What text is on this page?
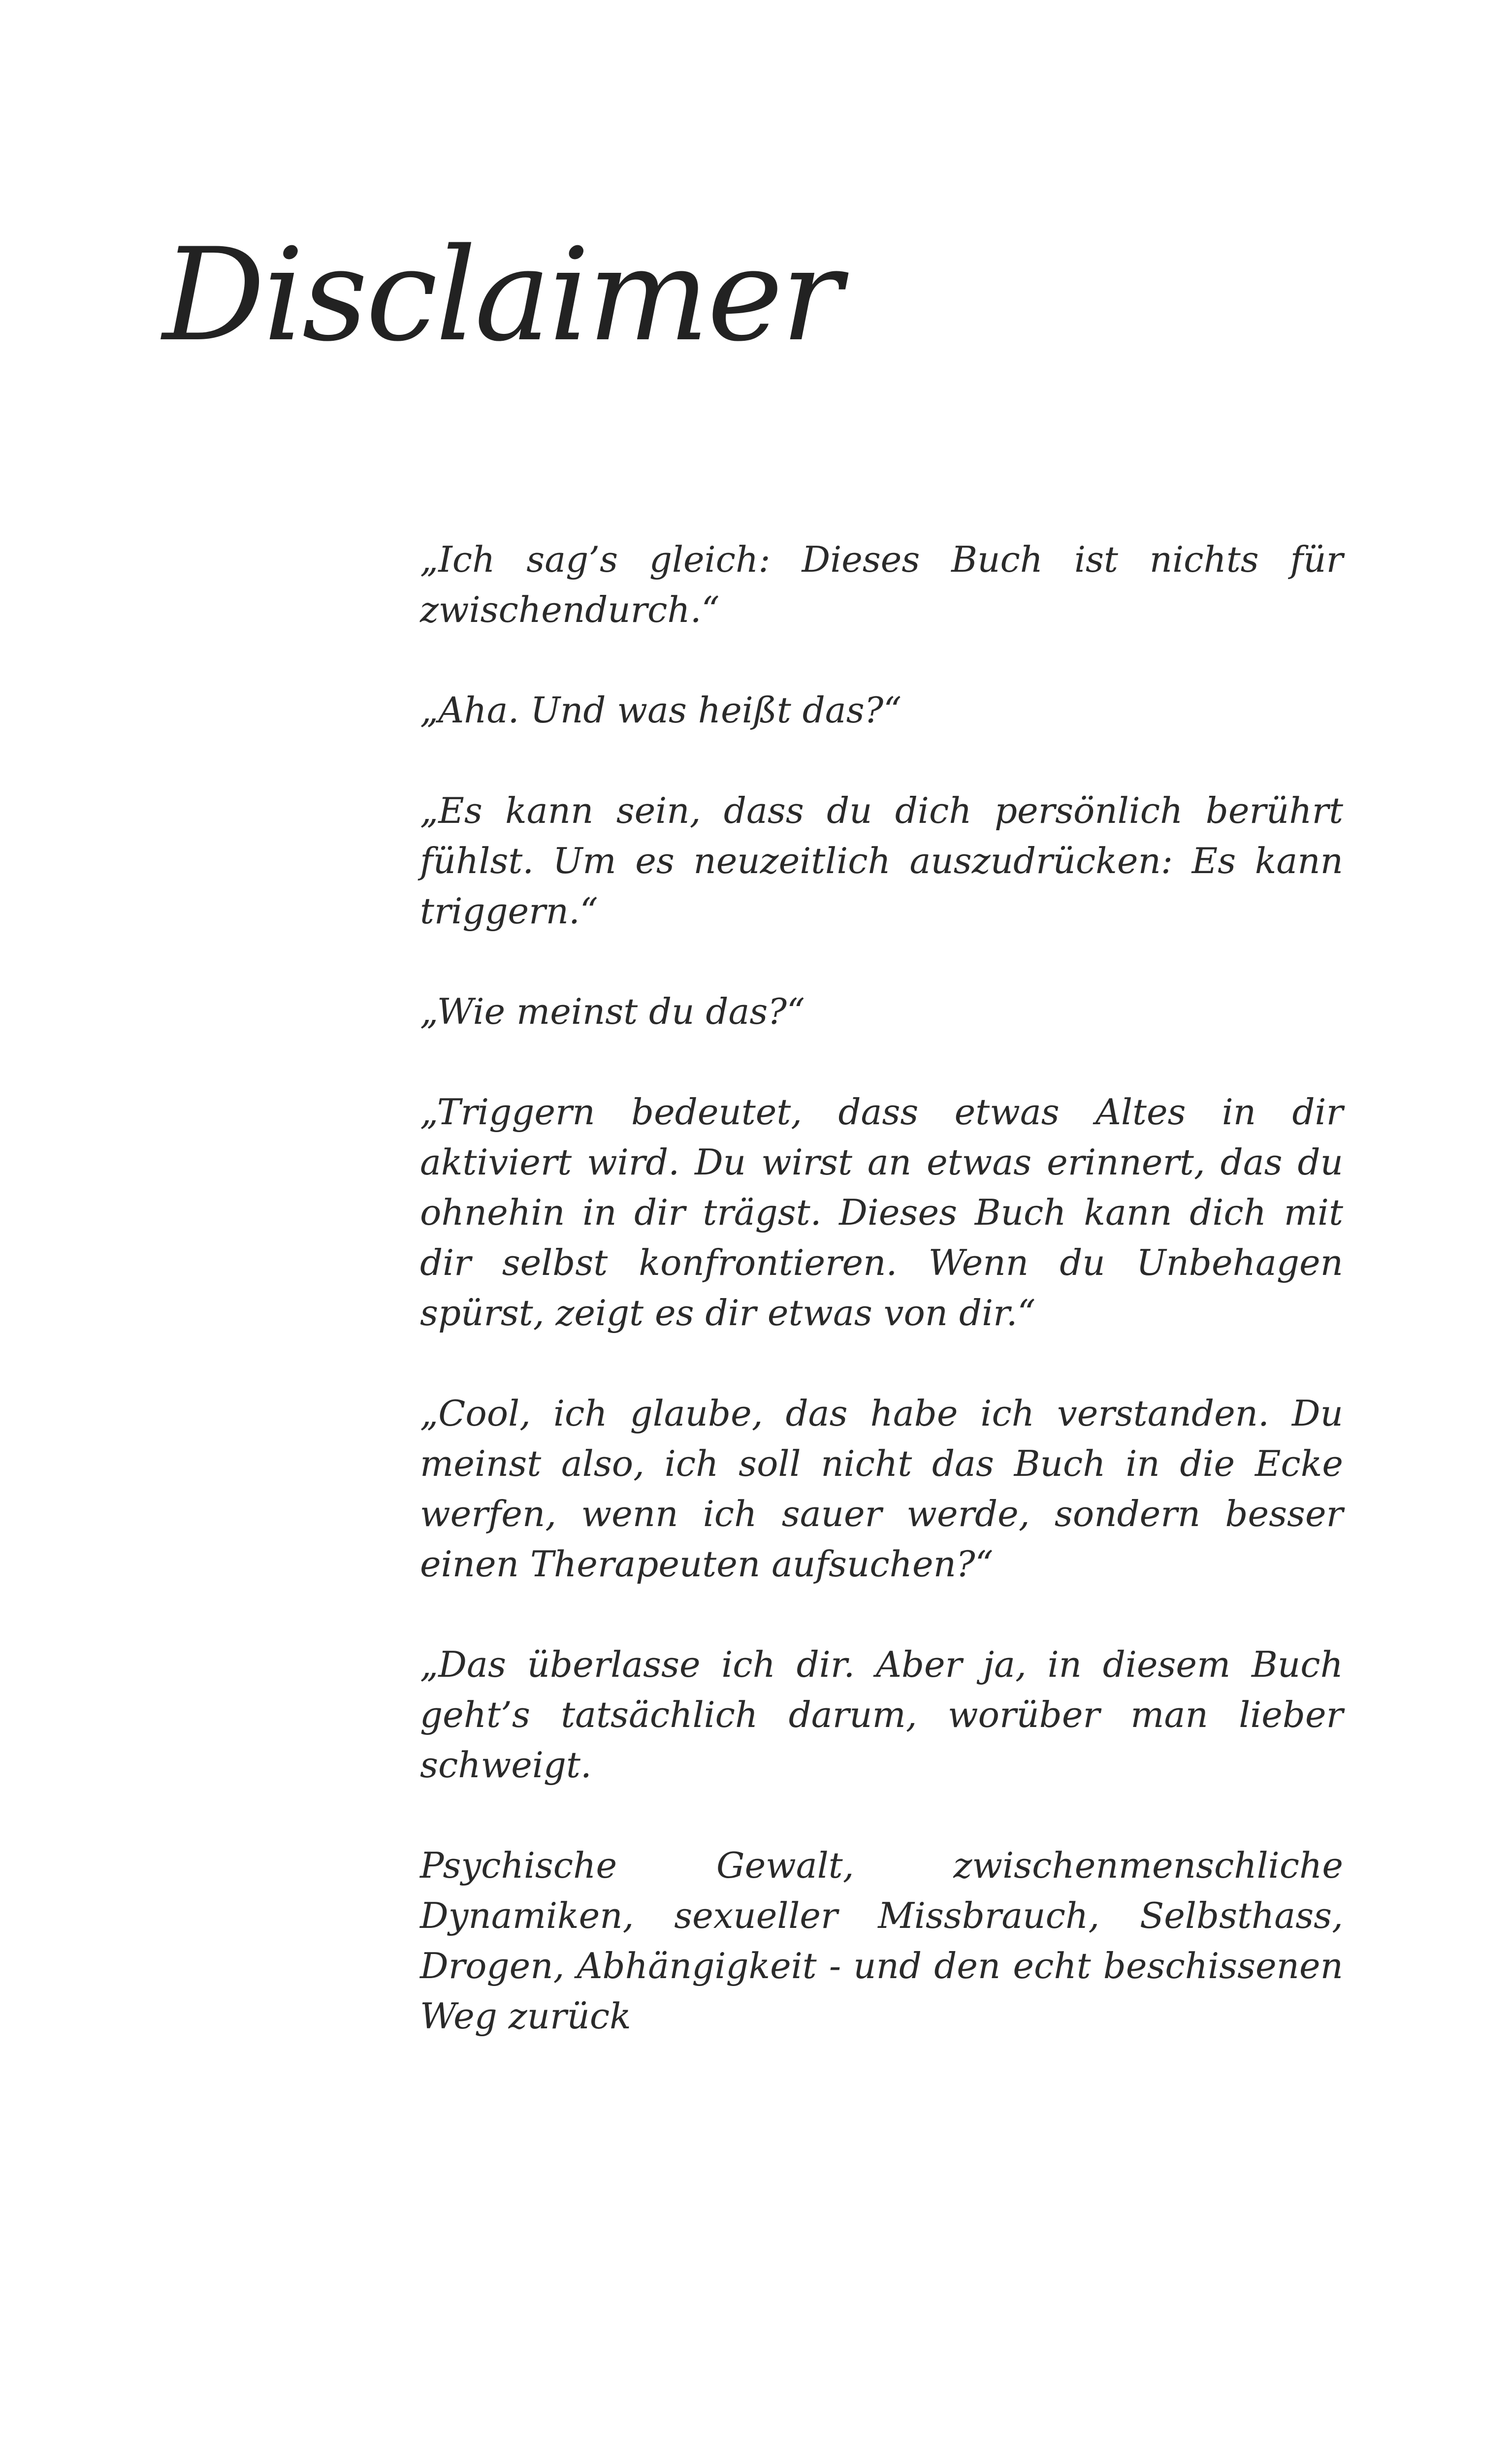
Disclaimer

„Ich sag’s gleich: Dieses Buch ist nichts für zwischendurch.“

„Aha. Und was heißt das?“

„Es kann sein, dass du dich persönlich berührt fühlst. Um es neuzeitlich auszudrücken: Es kann triggern.“

„Wie meinst du das?“

„Triggern bedeutet, dass etwas Altes in dir aktiviert wird. Du wirst an etwas erinnert, das du ohnehin in dir trägst. Dieses Buch kann dich mit dir selbst konfrontieren. Wenn du Unbehagen spürst, zeigt es dir etwas von dir.“

„Cool, ich glaube, das habe ich verstanden. Du meinst also, ich soll nicht das Buch in die Ecke werfen, wenn ich sauer werde, sondern besser einen Therapeuten aufsuchen?“

„Das überlasse ich dir. Aber ja, in diesem Buch geht’s tatsächlich darum, worüber man lieber schweigt.

Psychische Gewalt, zwischenmenschliche Dynamiken, sexueller Missbrauch, Selbsthass, Drogen, Abhängigkeit - und den echt beschissenen Weg zurück
